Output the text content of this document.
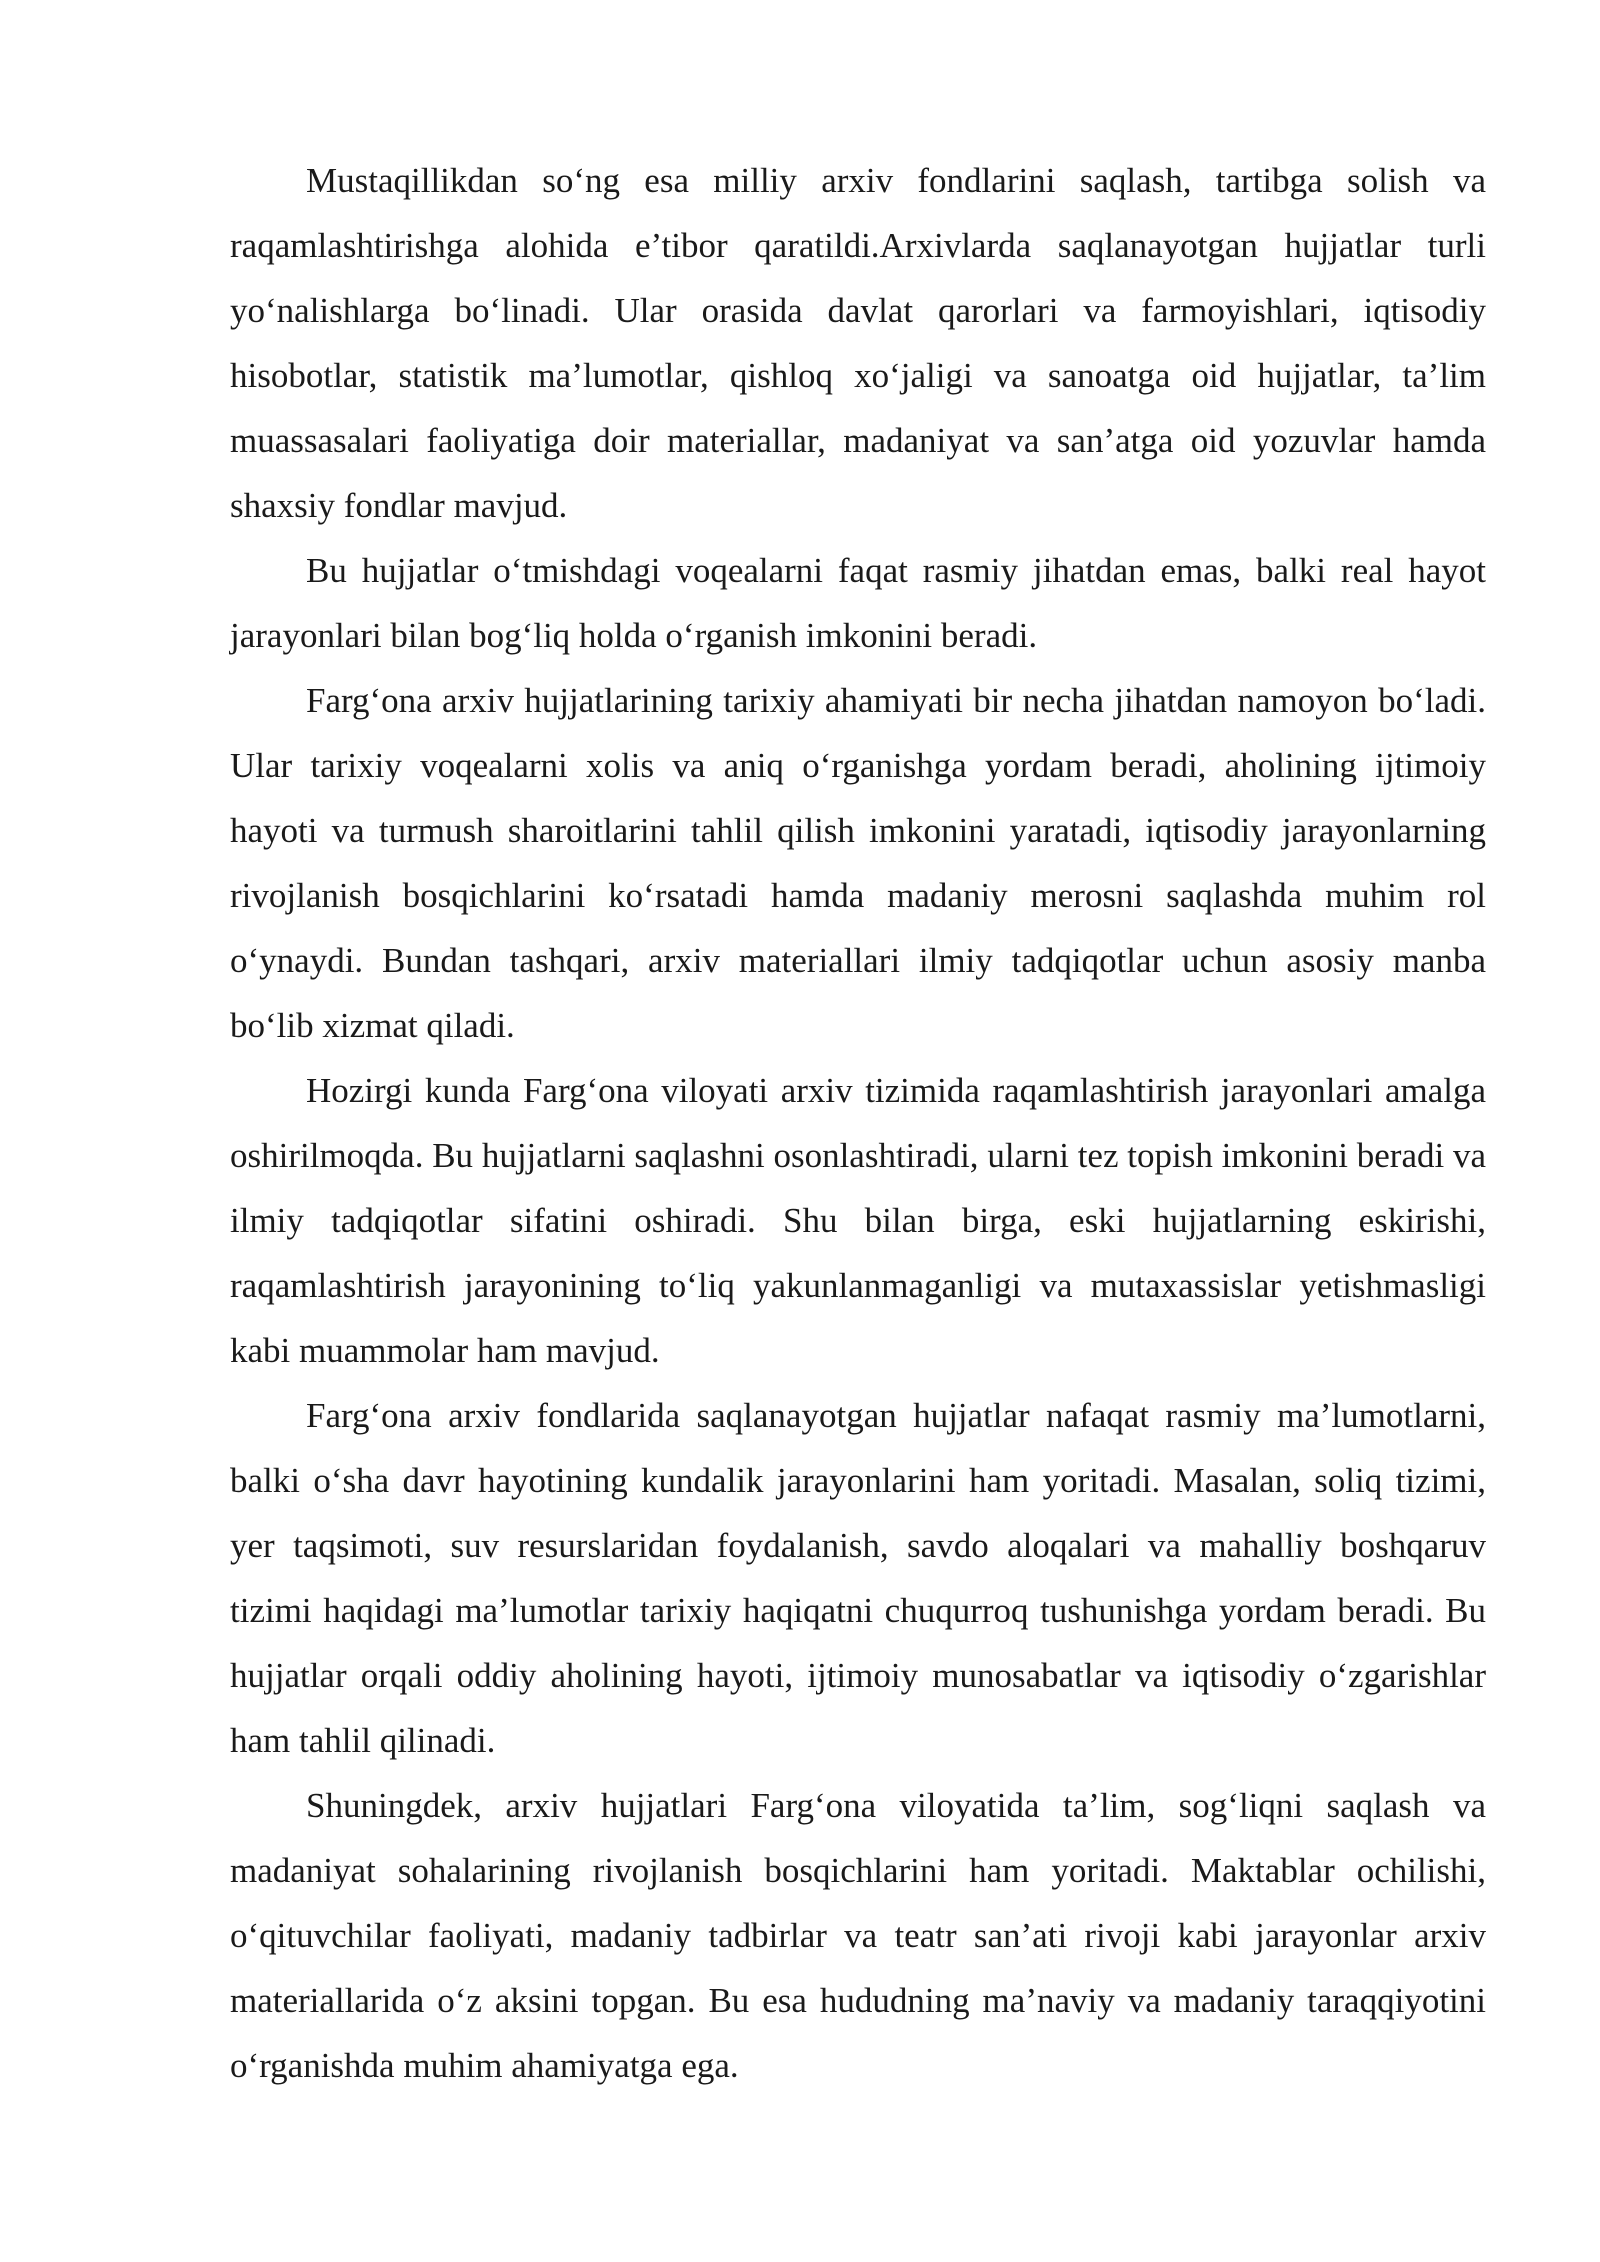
Mustaqillikdan so‘ng esa milliy arxiv fondlarini saqlash, tartibga solish va raqamlashtirishga alohida e’tibor qaratildi.Arxivlarda saqlanayotgan hujjatlar turli yo‘nalishlarga bo‘linadi. Ular orasida davlat qarorlari va farmoyishlari, iqtisodiy hisobotlar, statistik ma’lumotlar, qishloq xo‘jaligi va sanoatga oid hujjatlar, ta’lim muassasalari faoliyatiga doir materiallar, madaniyat va san’atga oid yozuvlar hamda shaxsiy fondlar mavjud.

Bu hujjatlar o‘tmishdagi voqealarni faqat rasmiy jihatdan emas, balki real hayot jarayonlari bilan bog‘liq holda o‘rganish imkonini beradi.

Farg‘ona arxiv hujjatlarining tarixiy ahamiyati bir necha jihatdan namoyon bo‘ladi. Ular tarixiy voqealarni xolis va aniq o‘rganishga yordam beradi, aholining ijtimoiy hayoti va turmush sharoitlarini tahlil qilish imkonini yaratadi, iqtisodiy jarayonlarning rivojlanish bosqichlarini ko‘rsatadi hamda madaniy merosni saqlashda muhim rol o‘ynaydi. Bundan tashqari, arxiv materiallari ilmiy tadqiqotlar uchun asosiy manba bo‘lib xizmat qiladi.

Hozirgi kunda Farg‘ona viloyati arxiv tizimida raqamlashtirish jarayonlari amalga oshirilmoqda. Bu hujjatlarni saqlashni osonlashtiradi, ularni tez topish imkonini beradi va ilmiy tadqiqotlar sifatini oshiradi. Shu bilan birga, eski hujjatlarning eskirishi, raqamlashtirish jarayonining to‘liq yakunlanmaganligi va mutaxassislar yetishmasligi kabi muammolar ham mavjud.

Farg‘ona arxiv fondlarida saqlanayotgan hujjatlar nafaqat rasmiy ma’lumotlarni, balki o‘sha davr hayotining kundalik jarayonlarini ham yoritadi. Masalan, soliq tizimi, yer taqsimoti, suv resurslaridan foydalanish, savdo aloqalari va mahalliy boshqaruv tizimi haqidagi ma’lumotlar tarixiy haqiqatni chuqurroq tushunishga yordam beradi. Bu hujjatlar orqali oddiy aholining hayoti, ijtimoiy munosabatlar va iqtisodiy o‘zgarishlar ham tahlil qilinadi.

Shuningdek, arxiv hujjatlari Farg‘ona viloyatida ta’lim, sog‘liqni saqlash va madaniyat sohalarining rivojlanish bosqichlarini ham yoritadi. Maktablar ochilishi, o‘qituvchilar faoliyati, madaniy tadbirlar va teatr san’ati rivoji kabi jarayonlar arxiv materiallarida o‘z aksini topgan. Bu esa hududning ma’naviy va madaniy taraqqiyotini o‘rganishda muhim ahamiyatga ega.
